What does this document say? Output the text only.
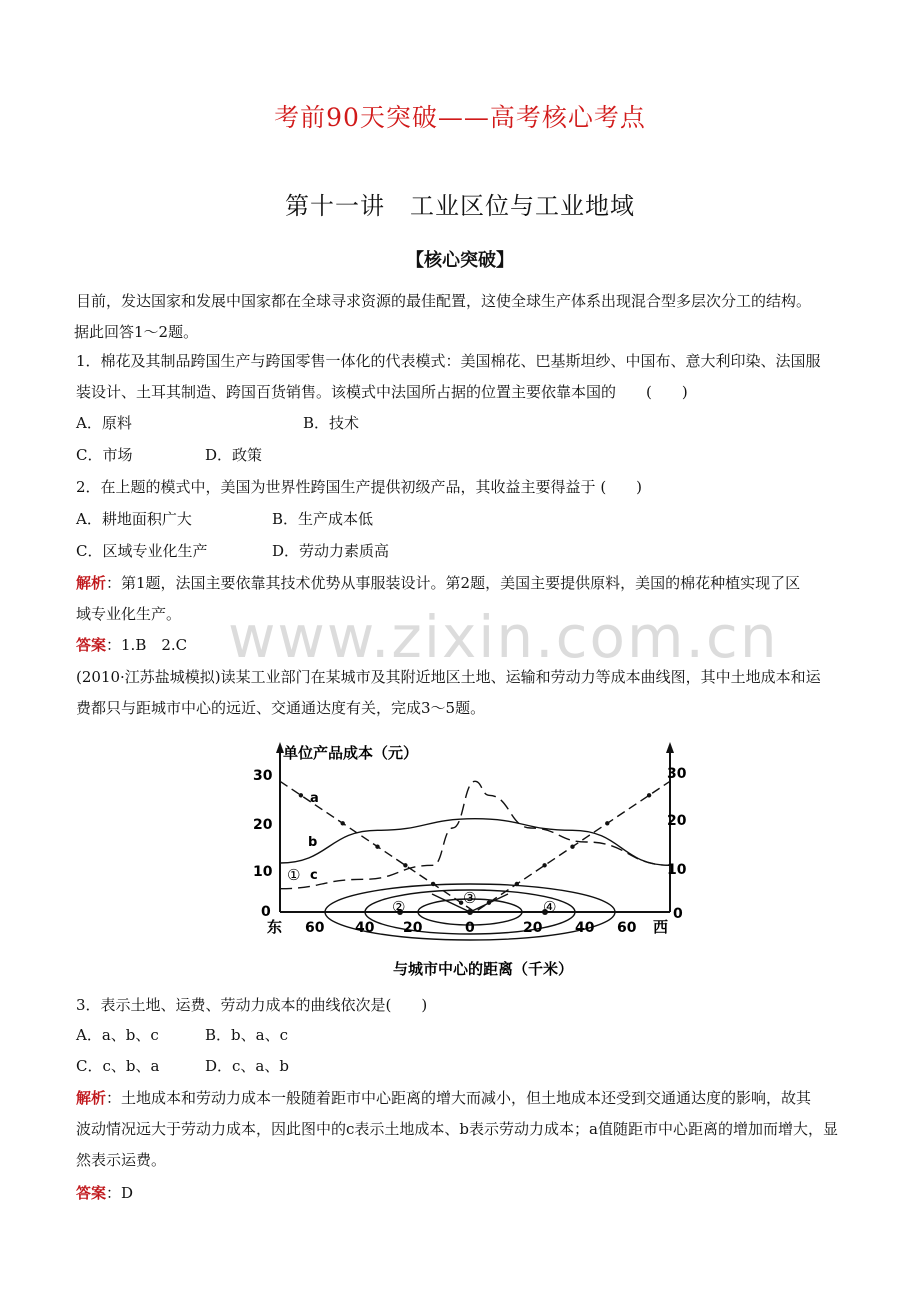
考前90天突破——高考核心考点
第十一讲　工业区位与工业地域
【核心突破】
目前，发达国家和发展中国家都在全球寻求资源的最佳配置，这使全球生产体系出现混合型多层次分工的结构。
据此回答1～2题。
1．棉花及其制品跨国生产与跨国零售一体化的代表模式：美国棉花、巴基斯坦纱、中国布、意大利印染、法国服
装设计、土耳其制造、跨国百货销售。该模式中法国所占据的位置主要依靠本国的　　(　　)
A．原料	B．技术
C．市场	D．政策
2．在上题的模式中，美国为世界性跨国生产提供初级产品，其收益主要得益于 (　　)
A．耕地面积广大	B．生产成本低
C．区域专业化生产	D．劳动力素质高
解析：第1题，法国主要依靠其技术优势从事服装设计。第2题，美国主要提供原料，美国的棉花种植实现了区
域专业化生产。 www.zixin.com.cn
答案：1.B　2.C
(2010·江苏盐城模拟)读某工业部门在某城市及其附近地区土地、运输和劳动力等成本曲线图，其中土地成本和运
费都只与距城市中心的远近、交通通达度有关，完成3～5题。
单位产品成本（元）
与城市中心的距离（千米）
30
20
10
0
30
20
10
0
东 60 40 20	0	20 40 60 西
①
②	③	④
a
b
c
3．表示土地、运费、劳动力成本的曲线依次是(　　)
A．a、b、c	B．b、a、c
C．c、b、a	D．c、a、b
解析：土地成本和劳动力成本一般随着距市中心距离的增大而减小，但土地成本还受到交通通达度的影响，故其
波动情况远大于劳动力成本，因此图中的c表示土地成本、b表示劳动力成本；a值随距市中心距离的增加而增大，显
然表示运费。
答案：D
